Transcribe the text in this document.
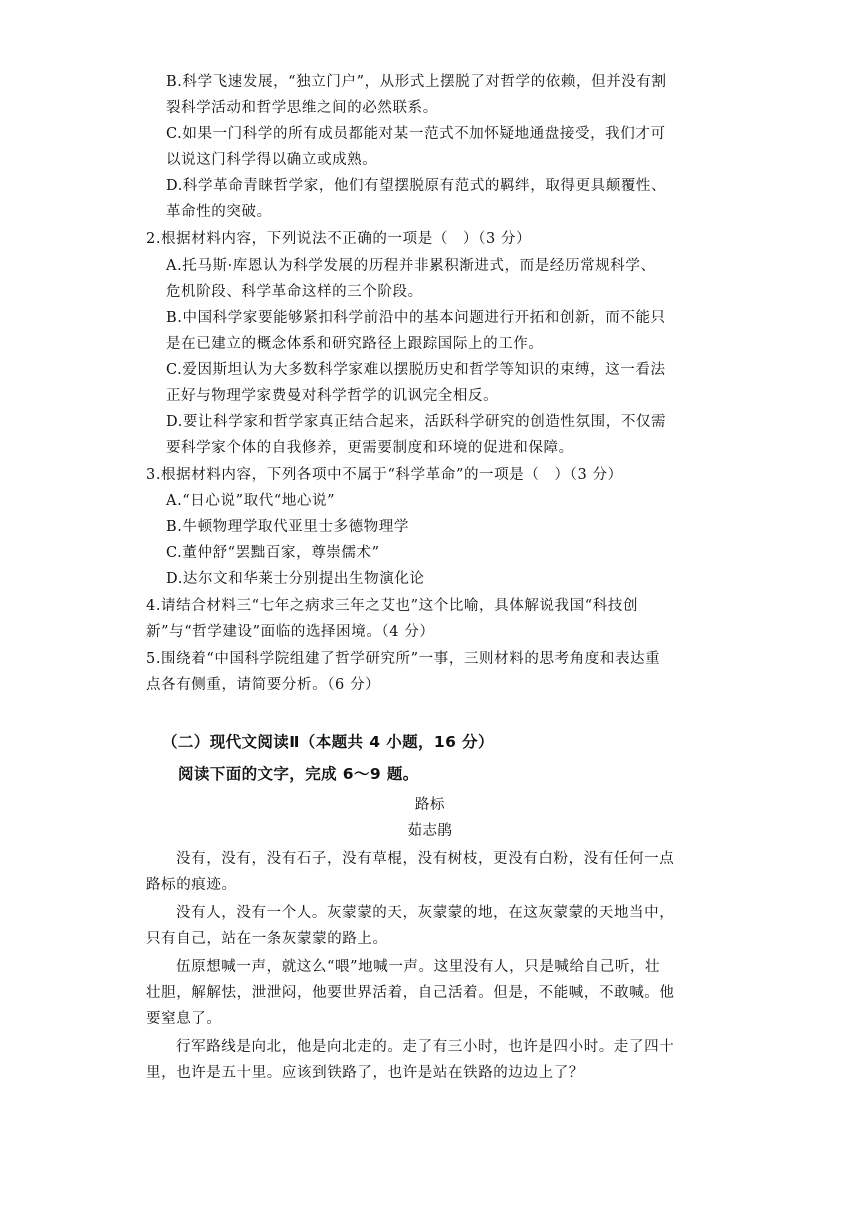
B.科学飞速发展，“独立门户”，从形式上摆脱了对哲学的依赖，但并没有割
裂科学活动和哲学思维之间的必然联系。
C.如果一门科学的所有成员都能对某一范式不加怀疑地通盘接受，我们才可
以说这门科学得以确立或成熟。
D.科学革命青睐哲学家，他们有望摆脱原有范式的羁绊，取得更具颠覆性、
革命性的突破。
2.根据材料内容，下列说法不正确的一项是（　）（3 分）
A.托马斯·库恩认为科学发展的历程并非累积渐进式，而是经历常规科学、
危机阶段、科学革命这样的三个阶段。
B.中国科学家要能够紧扣科学前沿中的基本问题进行开拓和创新，而不能只
是在已建立的概念体系和研究路径上跟踪国际上的工作。
C.爱因斯坦认为大多数科学家难以摆脱历史和哲学等知识的束缚，这一看法
正好与物理学家费曼对科学哲学的讥讽完全相反。
D.要让科学家和哲学家真正结合起来，活跃科学研究的创造性氛围，不仅需
要科学家个体的自我修养，更需要制度和环境的促进和保障。
3.根据材料内容，下列各项中不属于“科学革命”的一项是（　）（3 分）
A.“日心说”取代“地心说”
B.牛顿物理学取代亚里士多德物理学
C.董仲舒“罢黜百家，尊崇儒术”
D.达尔文和华莱士分别提出生物演化论
4.请结合材料三“七年之病求三年之艾也”这个比喻，具体解说我国“科技创
新”与“哲学建设”面临的选择困境。（4 分）
5.围绕着“中国科学院组建了哲学研究所”一事，三则材料的思考角度和表达重
点各有侧重，请简要分析。（6 分）
（二）现代文阅读Ⅱ（本题共 4 小题，16 分）
阅读下面的文字，完成 6～9 题。
路标
茹志鹃
没有，没有，没有石子，没有草棍，没有树枝，更没有白粉，没有任何一点
路标的痕迹。
没有人，没有一个人。灰蒙蒙的天，灰蒙蒙的地，在这灰蒙蒙的天地当中，
只有自己，站在一条灰蒙蒙的路上。
伍原想喊一声，就这么“喂”地喊一声。这里没有人，只是喊给自己听，壮
壮胆，解解怯，泄泄闷，他要世界活着，自己活着。但是，不能喊，不敢喊。他
要窒息了。
行军路线是向北，他是向北走的。走了有三小时，也许是四小时。走了四十
里，也许是五十里。应该到铁路了，也许是站在铁路的边边上了？
